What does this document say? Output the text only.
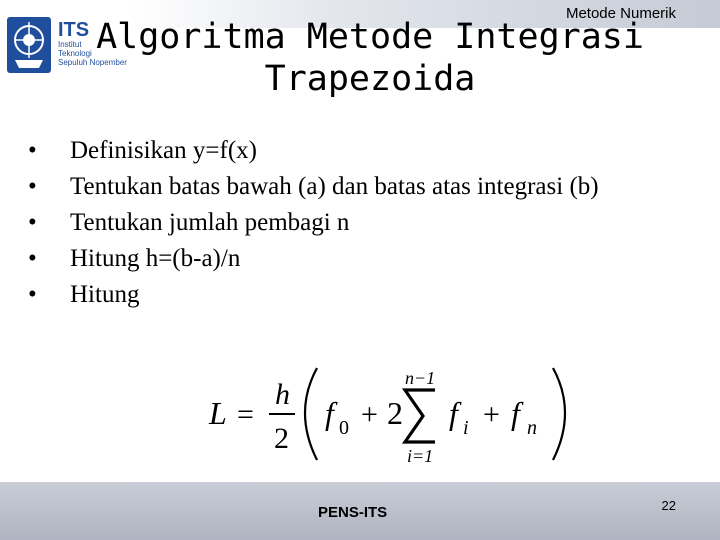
Metode Numerik
ITS
Institut
Teknologi
Sepuluh Nopember
Algoritma Metode Integrasi
Trapezoida
• Definisikan y=f(x)
• Tentukan batas bawah (a) dan batas atas integrasi (b)
• Tentukan jumlah pembagi n
• Hitung h=(b-a)/n
• Hitung
L =
h
2
f 0 + 2
n−1
i=1
f i + f n
PENS-ITS	22
